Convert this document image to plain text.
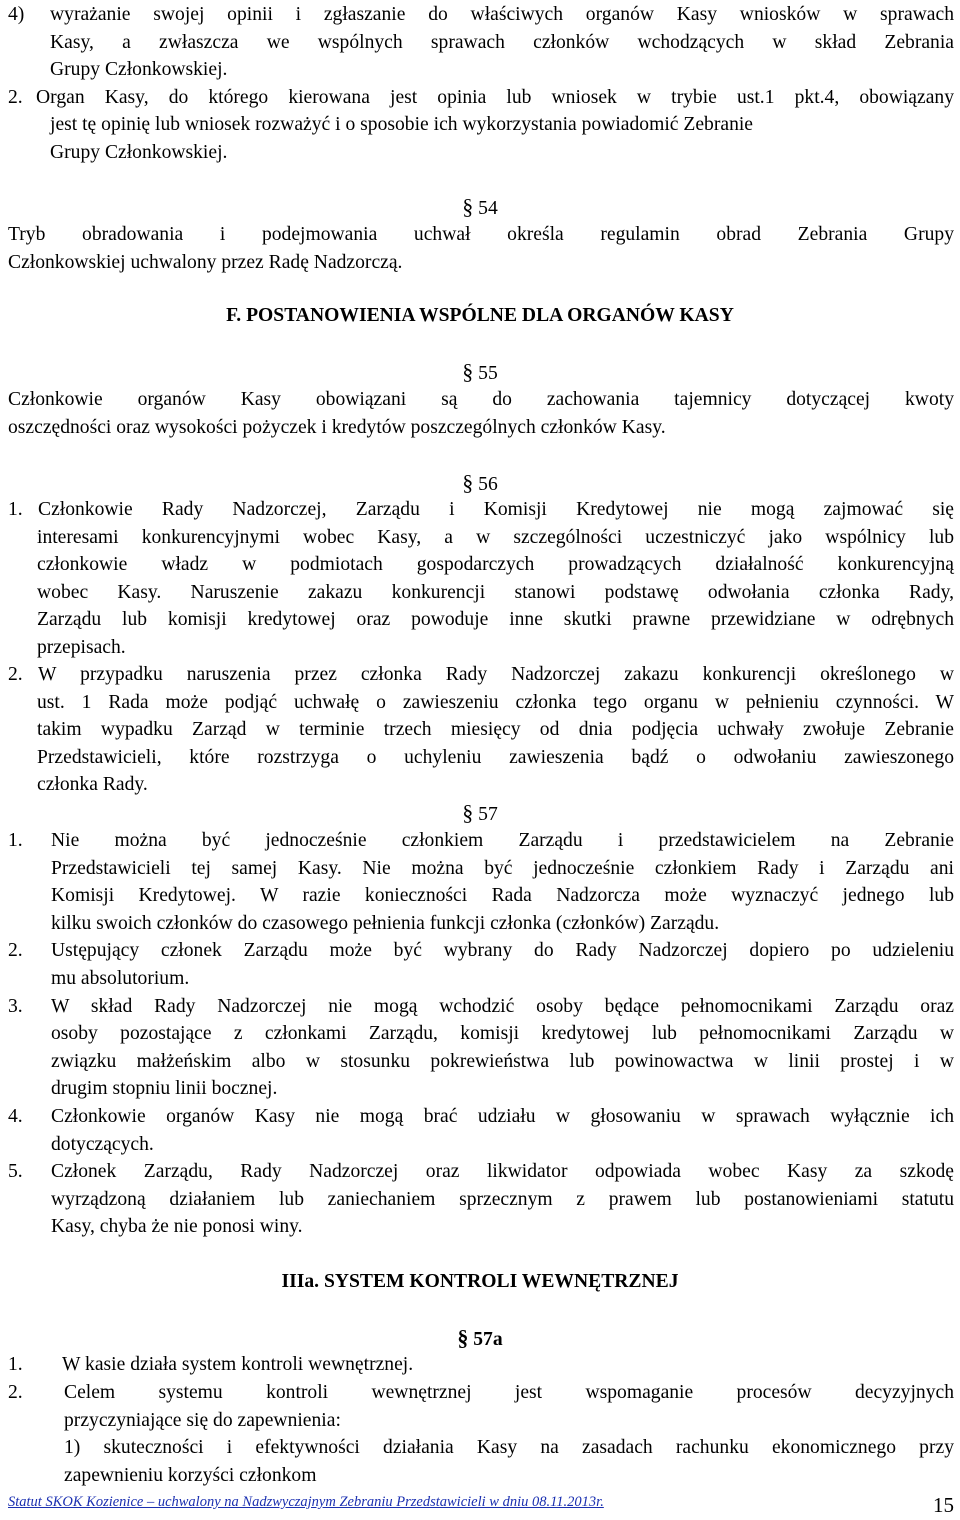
4) wyrażanie swojej opinii i zgłaszanie do właściwych organów Kasy wniosków w sprawach
Kasy, a zwłaszcza we wspólnych sprawach członków wchodzących w skład Zebrania
Grupy Członkowskiej.
2. Organ Kasy, do którego kierowana jest opinia lub wniosek w trybie ust.1 pkt.4, obowiązany
jest tę opinię lub wniosek rozważyć i o sposobie ich wykorzystania powiadomić Zebranie
Grupy Członkowskiej.
§ 54
Tryb obradowania i podejmowania uchwał określa regulamin obrad Zebrania Grupy
Członkowskiej uchwalony przez Radę Nadzorczą.
F. POSTANOWIENIA WSPÓLNE DLA ORGANÓW KASY
§ 55
Członkowie organów Kasy obowiązani są do zachowania tajemnicy dotyczącej kwoty
oszczędności oraz wysokości pożyczek i kredytów poszczególnych członków Kasy.
§ 56
1. Członkowie Rady Nadzorczej, Zarządu i Komisji Kredytowej nie mogą zajmować się
interesami konkurencyjnymi wobec Kasy, a w szczególności uczestniczyć jako wspólnicy lub
członkowie władz w podmiotach gospodarczych prowadzących działalność konkurencyjną
wobec Kasy. Naruszenie zakazu konkurencji stanowi podstawę odwołania członka Rady,
Zarządu lub komisji kredytowej oraz powoduje inne skutki prawne przewidziane w odrębnych
przepisach.
2. W przypadku naruszenia przez członka Rady Nadzorczej zakazu konkurencji określonego w
ust. 1 Rada może podjąć uchwałę o zawieszeniu członka tego organu w pełnieniu czynności. W
takim wypadku Zarząd w terminie trzech miesięcy od dnia podjęcia uchwały zwołuje Zebranie
Przedstawicieli, które rozstrzyga o uchyleniu zawieszenia bądź o odwołaniu zawieszonego
członka Rady.
§ 57
1. Nie można być jednocześnie członkiem Zarządu i przedstawicielem na Zebranie
Przedstawicieli tej samej Kasy. Nie można być jednocześnie członkiem Rady i Zarządu ani
Komisji Kredytowej. W razie konieczności Rada Nadzorcza może wyznaczyć jednego lub
kilku swoich członków do czasowego pełnienia funkcji członka (członków) Zarządu.
2. Ustępujący członek Zarządu może być wybrany do Rady Nadzorczej dopiero po udzieleniu
mu absolutorium.
3. W skład Rady Nadzorczej nie mogą wchodzić osoby będące pełnomocnikami Zarządu oraz
osoby pozostające z członkami Zarządu, komisji kredytowej lub pełnomocnikami Zarządu w
związku małżeńskim albo w stosunku pokrewieństwa lub powinowactwa w linii prostej i w
drugim stopniu linii bocznej.
4. Członkowie organów Kasy nie mogą brać udziału w głosowaniu w sprawach wyłącznie ich
dotyczących.
5. Członek Zarządu, Rady Nadzorczej oraz likwidator odpowiada wobec Kasy za szkodę
wyrządzoną działaniem lub zaniechaniem sprzecznym z prawem lub postanowieniami statutu
Kasy, chyba że nie ponosi winy.
IIIa. SYSTEM KONTROLI WEWNĘTRZNEJ
§ 57a
1. W kasie działa system kontroli wewnętrznej.
2. Celem systemu kontroli wewnętrznej jest wspomaganie procesów decyzyjnych
przyczyniające się do zapewnienia:
1) skuteczności i efektywności działania Kasy na zasadach rachunku ekonomicznego przy
zapewnieniu korzyści członkom
Statut SKOK Kozienice – uchwalony na Nadzwyczajnym Zebraniu Przedstawicieli w dniu 08.11.2013r.	15
